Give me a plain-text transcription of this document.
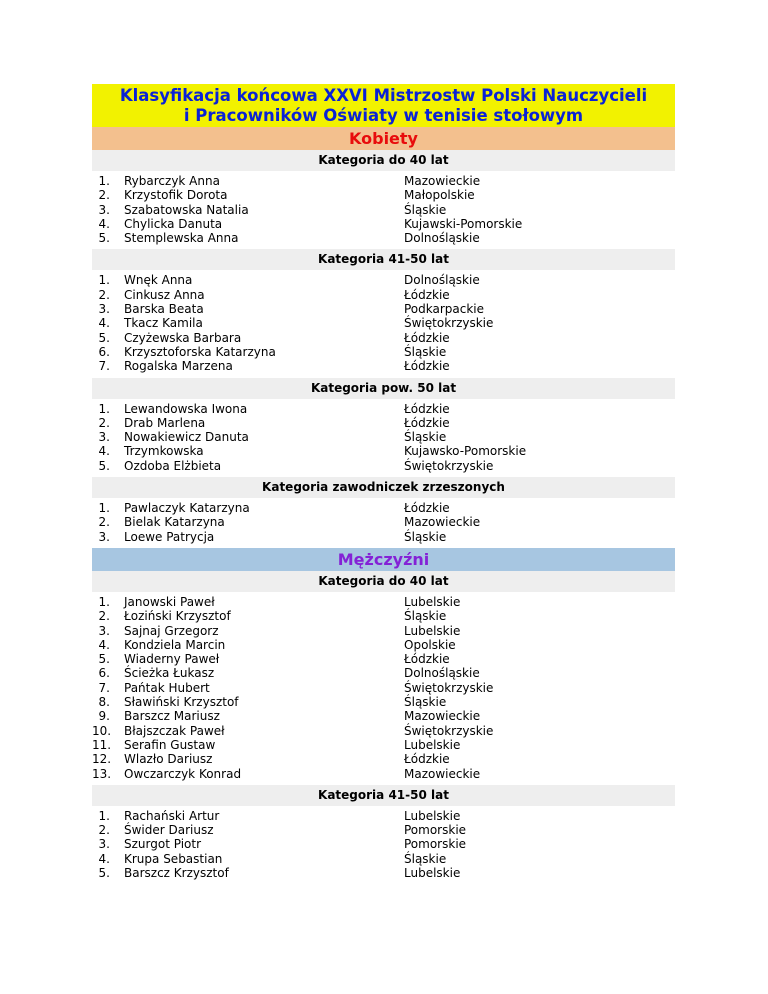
Klasyfikacja końcowa XXVI Mistrzostw Polski Nauczycieli
i Pracowników Oświaty w tenisie stołowym
Kobiety
Kategoria do 40 lat
1.	Rybarczyk Anna	Mazowieckie
2.	Krzystofik Dorota	Małopolskie
3.	Szabatowska Natalia	Śląskie
4.	Chylicka Danuta	Kujawski-Pomorskie
5.	Stemplewska Anna	Dolnośląskie
Kategoria 41-50 lat
1.	Wnęk Anna	Dolnośląskie
2.	Cinkusz Anna	Łódzkie
3.	Barska Beata	Podkarpackie
4.	Tkacz Kamila	Świętokrzyskie
5.	Czyżewska Barbara	Łódzkie
6.	Krzysztoforska Katarzyna	Śląskie
7.	Rogalska Marzena	Łódzkie
Kategoria pow. 50 lat
1.	Lewandowska Iwona	Łódzkie
2.	Drab Marlena	Łódzkie
3.	Nowakiewicz Danuta	Śląskie
4.	Trzymkowska	Kujawsko-Pomorskie
5.	Ozdoba Elżbieta	Świętokrzyskie
Kategoria zawodniczek zrzeszonych
1.	Pawlaczyk Katarzyna	Łódzkie
2.	Bielak Katarzyna	Mazowieckie
3.	Loewe Patrycja	Śląskie
Mężczyźni
Kategoria do 40 lat
1.	Janowski Paweł	Lubelskie
2.	Łoziński Krzysztof	Śląskie
3.	Sajnaj Grzegorz	Lubelskie
4.	Kondziela Marcin	Opolskie
5.	Wiaderny Paweł	Łódzkie
6.	Ścieżka Łukasz	Dolnośląskie
7.	Pańtak Hubert	Świętokrzyskie
8.	Sławiński Krzysztof	Śląskie
9.	Barszcz Mariusz	Mazowieckie
10.	Błajszczak Paweł	Świętokrzyskie
11.	Serafin Gustaw	Lubelskie
12.	Wlazło Dariusz	Łódzkie
13.	Owczarczyk Konrad	Mazowieckie
Kategoria 41-50 lat
1.	Rachański Artur	Lubelskie
2.	Świder Dariusz	Pomorskie
3.	Szurgot Piotr	Pomorskie
4.	Krupa Sebastian	Śląskie
5.	Barszcz Krzysztof	Lubelskie
